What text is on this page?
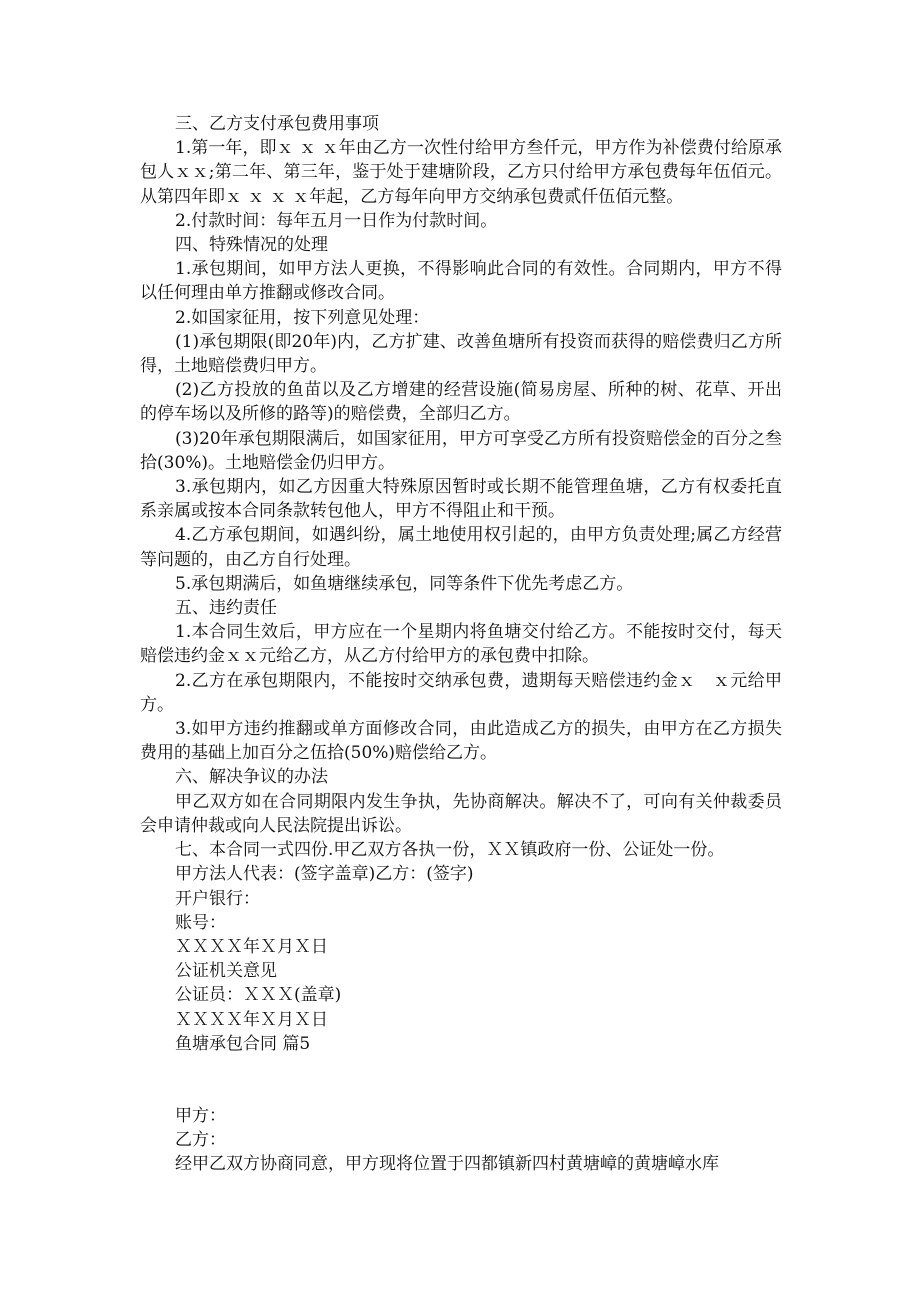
三、乙方支付承包费用事项

1.第一年，即ｘ ｘ ｘ年由乙方一次性付给甲方叁仟元，甲方作为补偿费付给原承包人ｘｘ;第二年、第三年，鉴于处于建塘阶段，乙方只付给甲方承包费每年伍佰元。从第四年即ｘ ｘ ｘ ｘ年起，乙方每年向甲方交纳承包费贰仟伍佰元整。

2.付款时间：每年五月一日作为付款时间。

四、特殊情况的处理

1.承包期间，如甲方法人更换，不得影响此合同的有效性。合同期内，甲方不得以任何理由单方推翻或修改合同。

2.如国家征用，按下列意见处理：

(1)承包期限(即20年)内，乙方扩建、改善鱼塘所有投资而获得的赔偿费归乙方所得，土地赔偿费归甲方。

(2)乙方投放的鱼苗以及乙方增建的经营设施(简易房屋、所种的树、花草、开出的停车场以及所修的路等)的赔偿费，全部归乙方。

(3)20年承包期限满后，如国家征用，甲方可享受乙方所有投资赔偿金的百分之叁拾(30%)。土地赔偿金仍归甲方。

3.承包期内，如乙方因重大特殊原因暂时或长期不能管理鱼塘，乙方有权委托直系亲属或按本合同条款转包他人，甲方不得阻止和干预。

4.乙方承包期间，如遇纠纷，属土地使用权引起的，由甲方负责处理;属乙方经营等问题的，由乙方自行处理。

5.承包期满后，如鱼塘继续承包，同等条件下优先考虑乙方。

五、违约责任

1.本合同生效后，甲方应在一个星期内将鱼塘交付给乙方。不能按时交付，每天赔偿违约金ｘｘ元给乙方，从乙方付给甲方的承包费中扣除。

2.乙方在承包期限内，不能按时交纳承包费，遗期每天赔偿违约金ｘ　ｘ元给甲方。

3.如甲方违约推翻或单方面修改合同，由此造成乙方的损失，由甲方在乙方损失费用的基础上加百分之伍拾(50%)赔偿给乙方。

六、解决争议的办法

甲乙双方如在合同期限内发生争执，先协商解决。解决不了，可向有关仲裁委员会申请仲裁或向人民法院提出诉讼。

七、本合同一式四份.甲乙双方各执一份，ＸＸ镇政府一份、公证处一份。

甲方法人代表：(签字盖章)乙方：(签字)

开户银行：

账号：

ＸＸＸＸ年Ｘ月Ｘ日

公证机关意见

公证员：ＸＸＸ(盖章)

ＸＸＸＸ年Ｘ月Ｘ日

鱼塘承包合同 篇5

甲方：

乙方：

经甲乙双方协商同意，甲方现将位置于四都镇新四村黄塘嶂的黄塘嶂水库
